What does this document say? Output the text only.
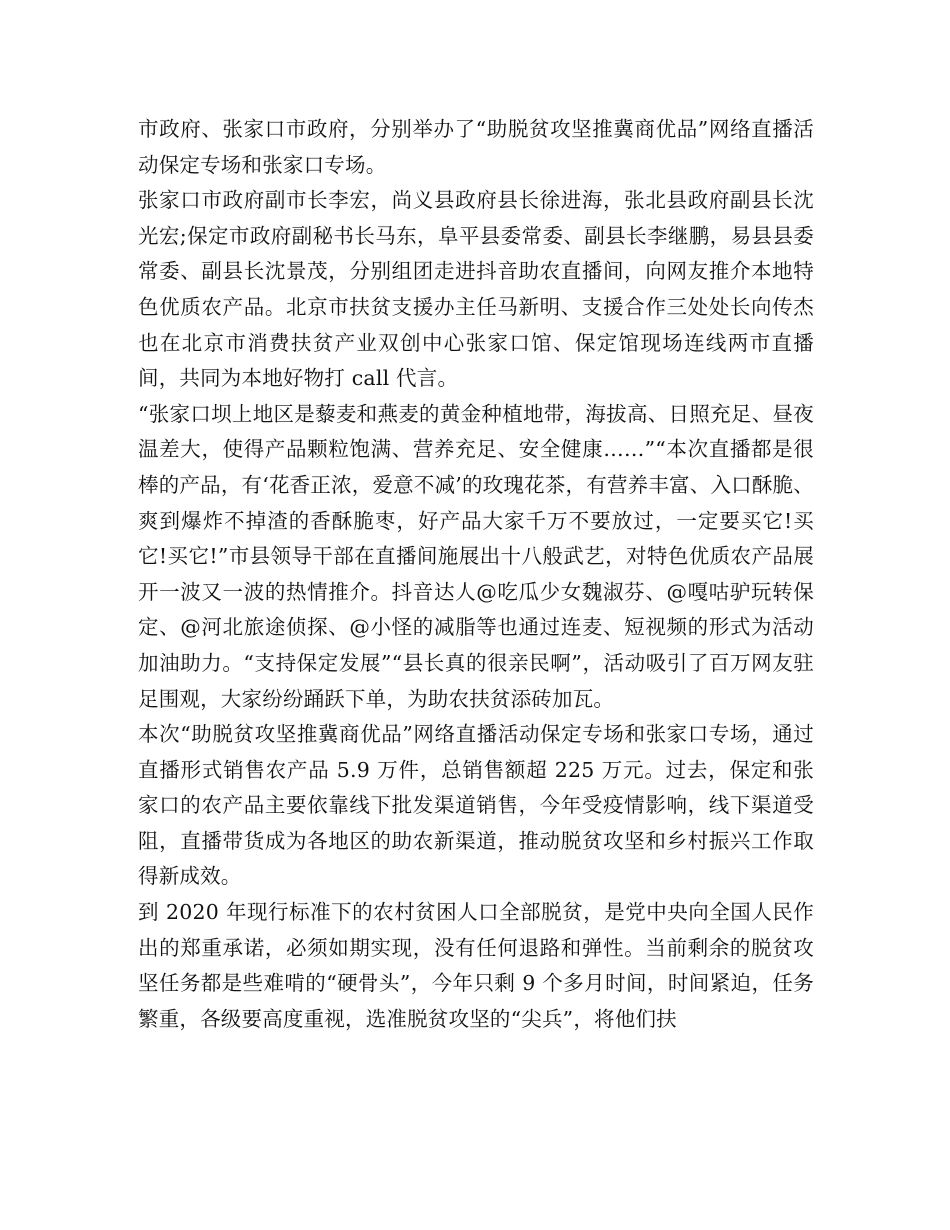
市政府、张家口市政府，分别举办了“助脱贫攻坚推冀商优品”网络直播活动保定专场和张家口专场。

张家口市政府副市长李宏，尚义县政府县长徐进海，张北县政府副县长沈光宏;保定市政府副秘书长马东，阜平县委常委、副县长李继鹏，易县县委常委、副县长沈景茂，分别组团走进抖音助农直播间，向网友推介本地特色优质农产品。北京市扶贫支援办主任马新明、支援合作三处处长向传杰也在北京市消费扶贫产业双创中心张家口馆、保定馆现场连线两市直播间，共同为本地好物打 call 代言。

“张家口坝上地区是藜麦和燕麦的黄金种植地带，海拔高、日照充足、昼夜温差大，使得产品颗粒饱满、营养充足、安全健康……”“本次直播都是很棒的产品，有‘花香正浓，爱意不减’的玫瑰花茶，有营养丰富、入口酥脆、爽到爆炸不掉渣的香酥脆枣，好产品大家千万不要放过，一定要买它!买它!买它!”市县领导干部在直播间施展出十八般武艺，对特色优质农产品展开一波又一波的热情推介。抖音达人@吃瓜少女魏淑芬、@嘎咕驴玩转保定、@河北旅途侦探、@小怪的减脂等也通过连麦、短视频的形式为活动加油助力。“支持保定发展”“县长真的很亲民啊”，活动吸引了百万网友驻足围观，大家纷纷踊跃下单，为助农扶贫添砖加瓦。

本次“助脱贫攻坚推冀商优品”网络直播活动保定专场和张家口专场，通过直播形式销售农产品 5.9 万件，总销售额超 225 万元。过去，保定和张家口的农产品主要依靠线下批发渠道销售，今年受疫情影响，线下渠道受阻，直播带货成为各地区的助农新渠道，推动脱贫攻坚和乡村振兴工作取得新成效。

到 2020 年现行标准下的农村贫困人口全部脱贫，是党中央向全国人民作出的郑重承诺，必须如期实现，没有任何退路和弹性。当前剩余的脱贫攻坚任务都是些难啃的“硬骨头”，今年只剩 9 个多月时间，时间紧迫，任务繁重，各级要高度重视，选准脱贫攻坚的“尖兵”，将他们扶
